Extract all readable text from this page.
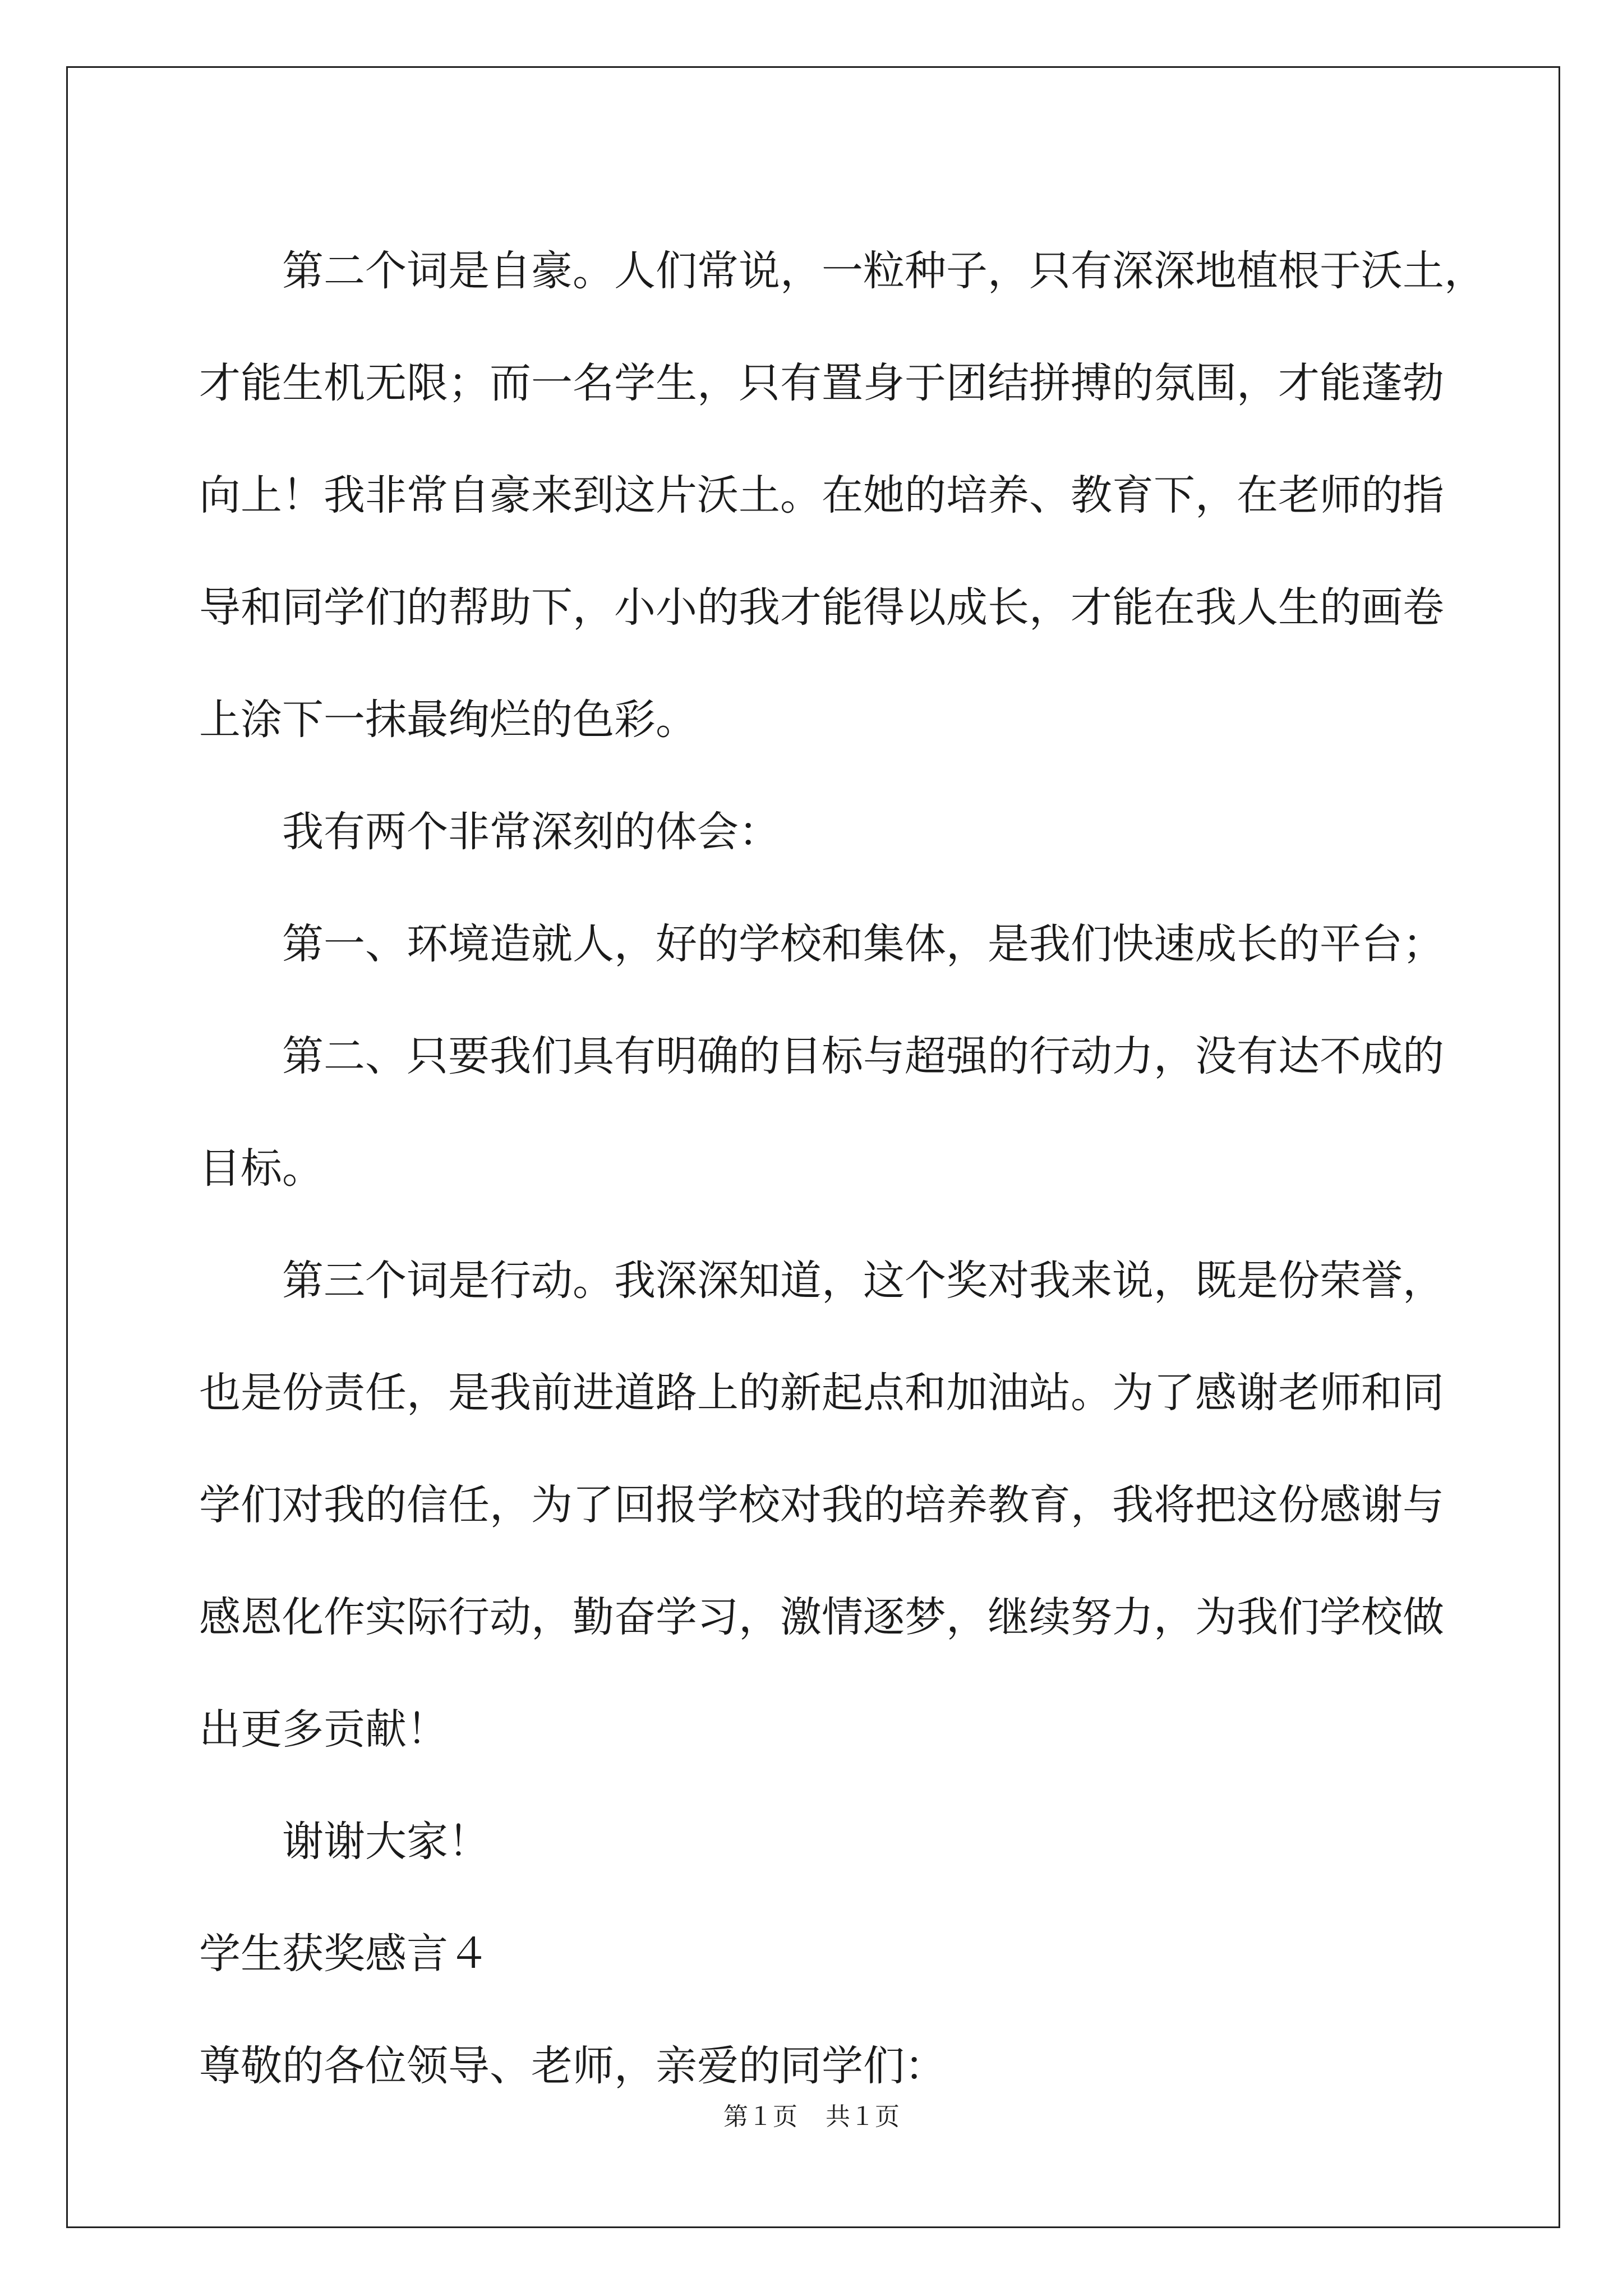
第二个词是自豪。人们常说，一粒种子，只有深深地植根于沃土，
才能生机无限；而一名学生，只有置身于团结拼搏的氛围，才能蓬勃
向上！我非常自豪来到这片沃土。在她的培养、教育下，在老师的指
导和同学们的帮助下，小小的我才能得以成长，才能在我人生的画卷
上涂下一抹最绚烂的色彩。
我有两个非常深刻的体会：
第一、环境造就人，好的学校和集体，是我们快速成长的平台；
第二、只要我们具有明确的目标与超强的行动力，没有达不成的
目标。
第三个词是行动。我深深知道，这个奖对我来说，既是份荣誉，
也是份责任，是我前进道路上的新起点和加油站。为了感谢老师和同
学们对我的信任，为了回报学校对我的培养教育，我将把这份感谢与
感恩化作实际行动，勤奋学习，激情逐梦，继续努力，为我们学校做
出更多贡献！
谢谢大家！
学生获奖感言４
尊敬的各位领导、老师，亲爱的同学们：
第１页 共１页
